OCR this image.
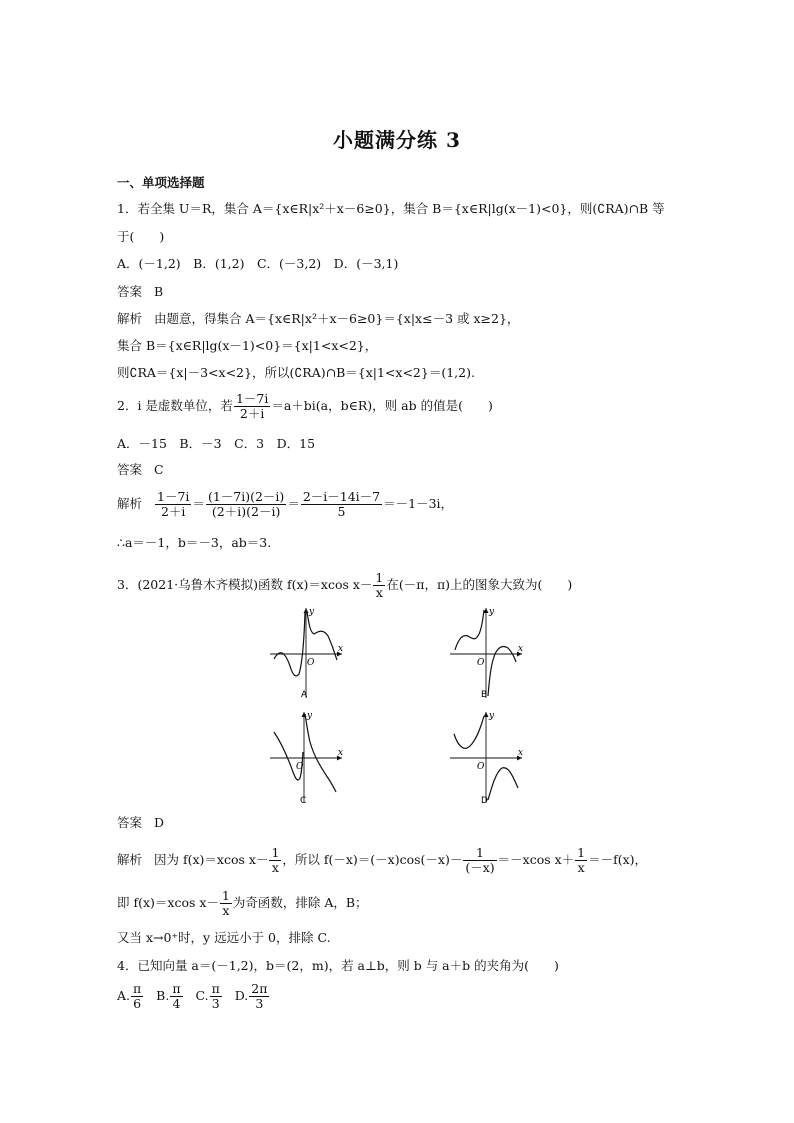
小题满分练 3
一、单项选择题
1．若全集 U＝R，集合 A＝{x∈R|x²＋x－6≥0}，集合 B＝{x∈R|lg(x－1)<0}，则(∁RA)∩B 等
于(　　)
A．(－1,2)　B．(1,2)　C．(－3,2)　D．(－3,1)
答案 B
解析 由题意，得集合 A＝{x∈R|x²＋x－6≥0}＝{x|x≤－3 或 x≥2}，
集合 B＝{x∈R|lg(x－1)<0}＝{x|1<x<2}，
则∁RA＝{x|－3<x<2}，所以(∁RA)∩B＝{x|1<x<2}＝(1,2).
2．i 是虚数单位，若 $\frac{1-7i}{2+i} =a+bi(a$，b∈R)，则 ab 的值是(　　)
A．－15　B．－3　C．3　D．15
答案 C
解析 $\frac{1-7i}{2+i} = \frac{(1-7i)(2-i)}{(2+i)(2-i)} = \frac{2-i-14i-7}{5} =-1-3i$，
∴a＝－1，b＝－3，ab＝3.
3．(2021·乌鲁木齐模拟)函数 f(x)＝xcos $x- \frac{1}{x}$ 在(－π，π)上的图象大致为(　　)
y
x
O
A
y
x
O
B
y
x
O
C
y
x
O
D
答案 D
解析 因为 f(x)＝xcos $x- \frac{1}{x}$ ，所以 $f(-x)=(-x)\cos(-x)- \frac{1}{(-x)} =-xcos$ $x+ \frac{1}{x} =-f(x)$，
即 f(x)＝xcos $x- \frac{1}{x}$ 为奇函数，排除 A，B；
又当 x→0⁺时，y 远远小于 0，排除 C.
4．已知向量 a＝(－1,2)，b＝(2，m)，若 a⊥b，则 b 与 a＋b 的夹角为(　　)
A. $\frac{\pi}{6} B$. $\frac{\pi}{4} C$. $\frac{\pi}{3} D$. $\frac{2\pi}{3}$
